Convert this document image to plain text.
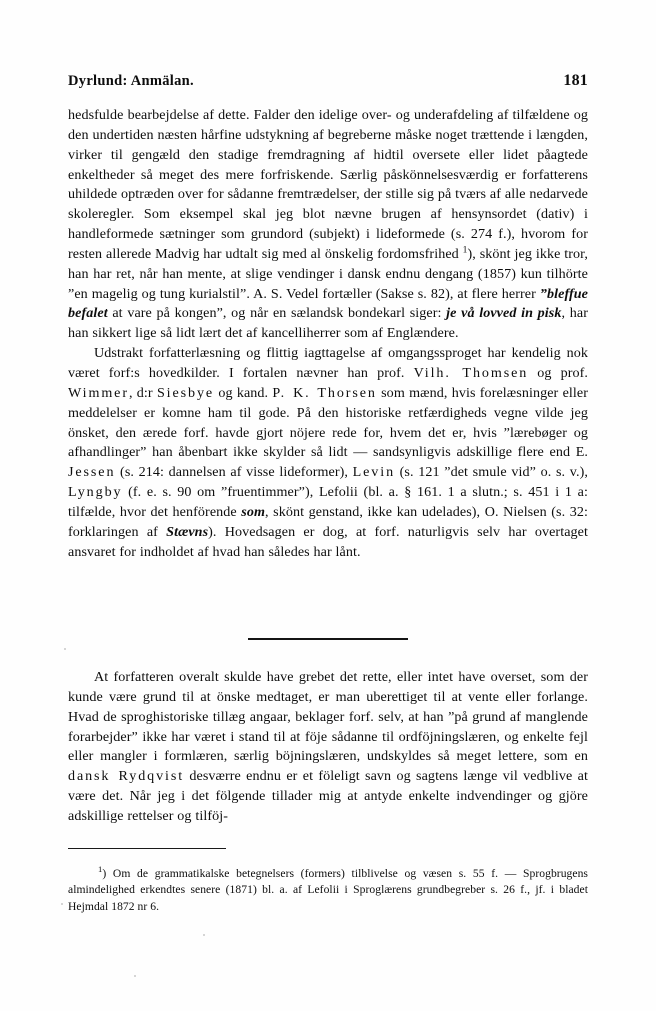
Dyrlund: Anmälan.	181

hedsfulde bearbejdelse af dette. Falder den idelige over- og underafdeling af tilfældene og den undertiden næsten hårfine udstykning af begreberne måske noget trættende i længden, virker til gengæld den stadige fremdragning af hidtil oversete eller lidet påagtede enkeltheder så meget des mere forfriskende. Særlig påskönnelsesværdig er forfatterens uhildede optræden over for sådanne fremtrædelser, der stille sig på tværs af alle nedarvede skoleregler. Som eksempel skal jeg blot nævne brugen af hensynsordet (dativ) i handleformede sætninger som grundord (subjekt) i lideformede (s. 274 f.), hvorom for resten allerede Madvig har udtalt sig med al önskelig fordomsfrihed $^1$), skönt jeg ikke tror, han har ret, når han mente, at slige vendinger i dansk endnu dengang (1857) kun tilhörte ”en magelig og tung kurialstil”. A. S. Vedel fortæller (Sakse s. 82), at flere herrer ”bleffue befalet at vare på kongen”, og når en sælandsk bondekarl siger: je vå lovved in pisk, har han sikkert lige så lidt lært det af kancelliherrer som af Englændere.

Udstrakt forfatterlæsning og flittig iagttagelse af omgangssproget har kendelig nok været forf:s hovedkilder. I fortalen nævner han prof. Vilh. Thomsen og prof. Wimmer, d:r Siesbye og kand. P. K. Thorsen som mænd, hvis forelæsninger eller meddelelser er komne ham til gode. På den historiske retfærdigheds vegne vilde jeg önsket, den ærede forf. havde gjort nöjere rede for, hvem det er, hvis ”lærebøger og afhandlinger” han åbenbart ikke skylder så lidt — sandsynligvis adskillige flere end E. Jessen (s. 214: dannelsen af visse lideformer), Levin (s. 121 ”det smule vid” o. s. v.), Lyngby (f. e. s. 90 om ”fruentimmer”), Lefolii (bl. a. § 161. 1 a slutn.; s. 451 i 1 a: tilfælde, hvor det henförende som, skönt genstand, ikke kan udelades), O. Nielsen (s. 32: forklaringen af Stævns). Hovedsagen er dog, at forf. naturligvis selv har overtaget ansvaret for indholdet af hvad han således har lånt.

At forfatteren overalt skulde have grebet det rette, eller intet have overset, som der kunde være grund til at önske medtaget, er man uberettiget til at vente eller forlange. Hvad de sproghistoriske tillæg angaar, beklager forf. selv, at han ”på grund af manglende forarbejder” ikke har været i stand til at föje sådanne til ordföjningslæren, og enkelte fejl eller mangler i formlæren, særlig böjningslæren, undskyldes så meget lettere, som en dansk Rydqvist desværre endnu er et föleligt savn og sagtens længe vil vedblive at være det. Når jeg i det fölgende tillader mig at antyde enkelte indvendinger og gjöre adskillige rettelser og tilföj-

$^1$) Om de grammatikalske betegnelsers (formers) tilblivelse og væsen s. 55 f. — Sprogbrugens almindelighed erkendtes senere (1871) bl. a. af Lefolii i Sproglærens grundbegreber s. 26 f., jf. i bladet Hejmdal 1872 nr 6.
